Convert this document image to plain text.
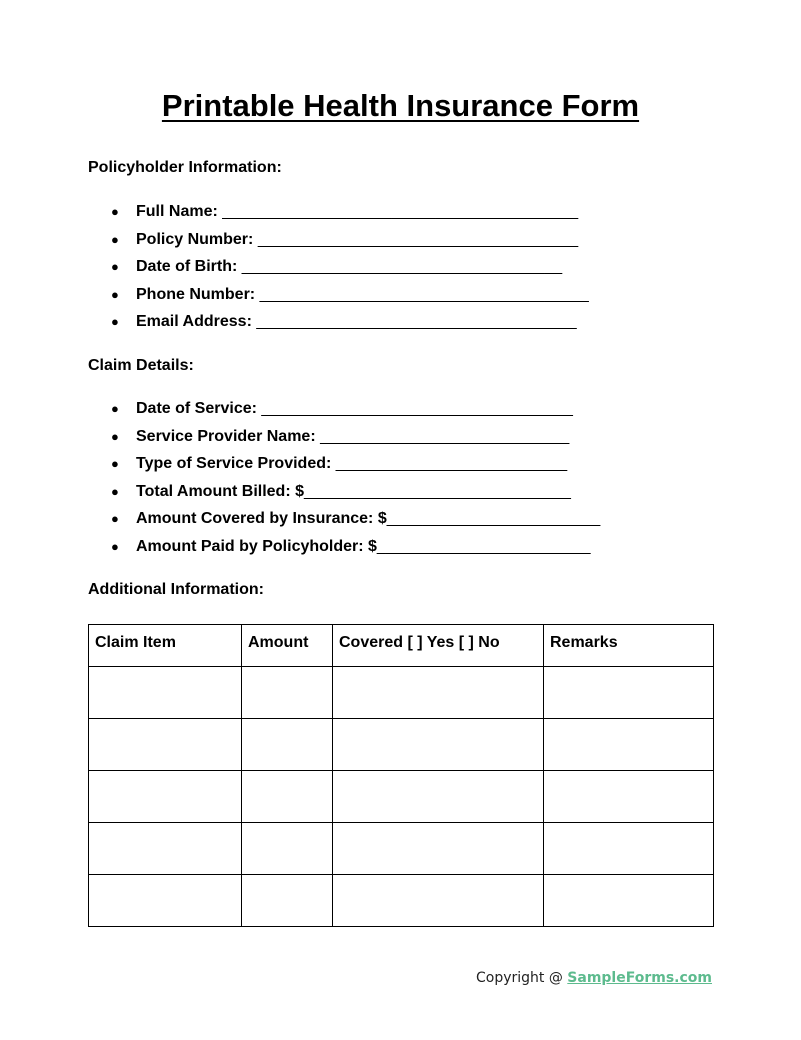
Printable Health Insurance Form
Policyholder Information:
● Full Name: ________________________________________
● Policy Number: ____________________________________
● Date of Birth: ____________________________________
● Phone Number: _____________________________________
● Email Address: ____________________________________
Claim Details:
● Date of Service: ___________________________________
● Service Provider Name: ____________________________
● Type of Service Provided: __________________________
● Total Amount Billed: $______________________________
● Amount Covered by Insurance: $________________________
● Amount Paid by Policyholder: $________________________
Additional Information:
Claim Item	Amount	Covered [ ] Yes [ ] No	Remarks

Copyright @ SampleForms.com
